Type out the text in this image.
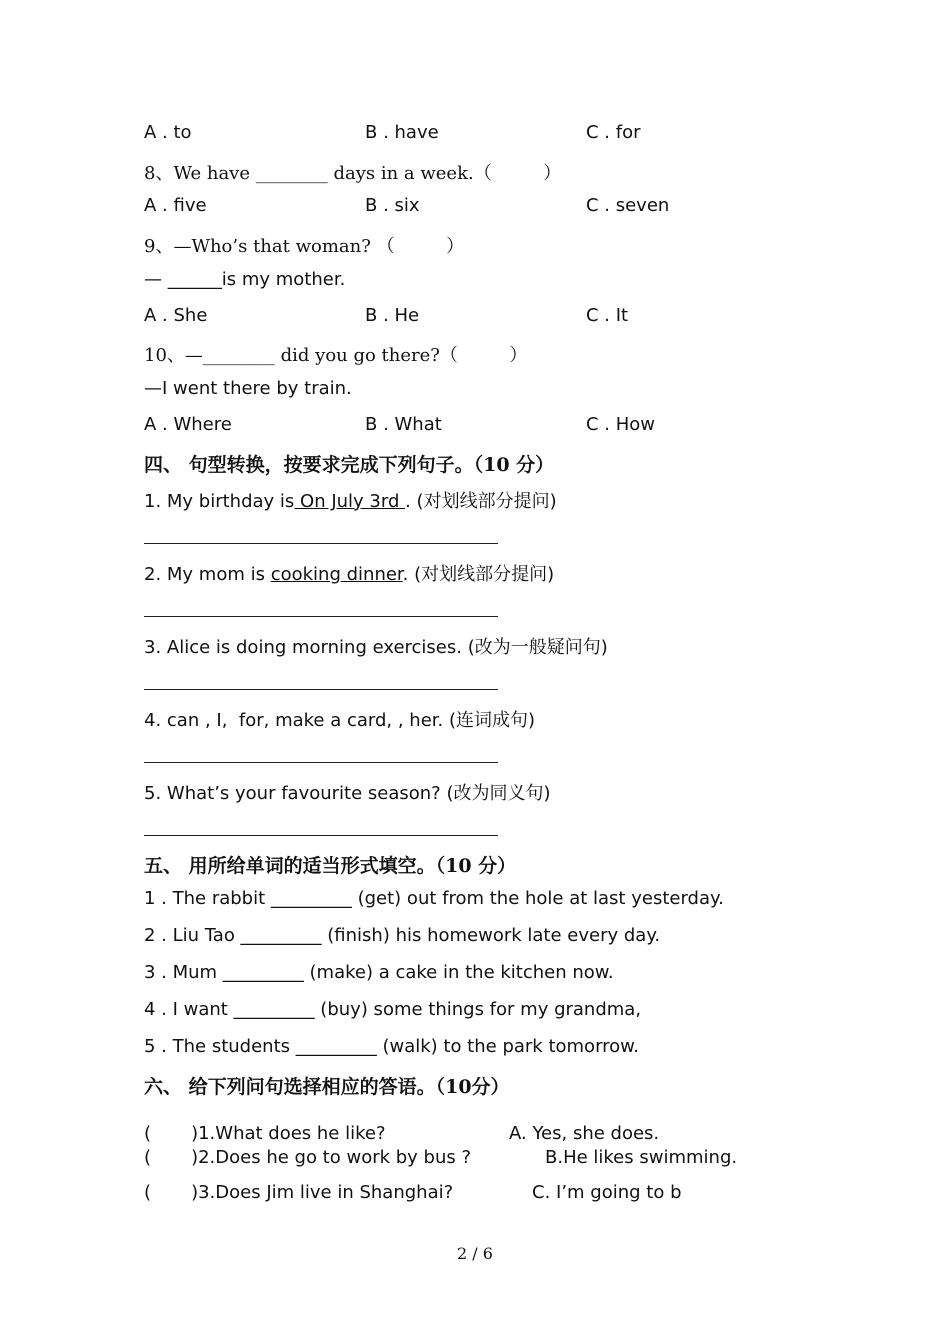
A . to	B . have	C . for
8、We have ________ days in a week.（         ）
A . five	B . six	C . seven
9、—Who’s that woman? （         ）
— ______is my mother.
A . She	B . He	C . It
10、—________ did you go there?（         ）
—I went there by train.
A . Where	B . What	C . How
四、 句型转换，按要求完成下列句子。（10 分）
1. My birthday is On July 3rd . (对划线部分提问)
2. My mom is cooking dinner. (对划线部分提问)
3. Alice is doing morning exercises. (改为一般疑问句)
4. can , I,  for, make a card, , her. (连词成句)
5. What’s your favourite season? (改为同义句)
五、 用所给单词的适当形式填空。（10 分）
1 . The rabbit _________ (get) out from the hole at last yesterday.
2 . Liu Tao _________ (finish) his homework late every day.
3 . Mum _________ (make) a cake in the kitchen now.
4 . I want _________ (buy) some things for my grandma,
5 . The students _________ (walk) to the park tomorrow.
六、 给下列问句选择相应的答语。（10分）
(       )1.What does he like?	A. Yes, she does.
(       )2.Does he go to work by bus ?	B.He likes swimming.
(       )3.Does Jim live in Shanghai?	C. I’m going to b
2 / 6
